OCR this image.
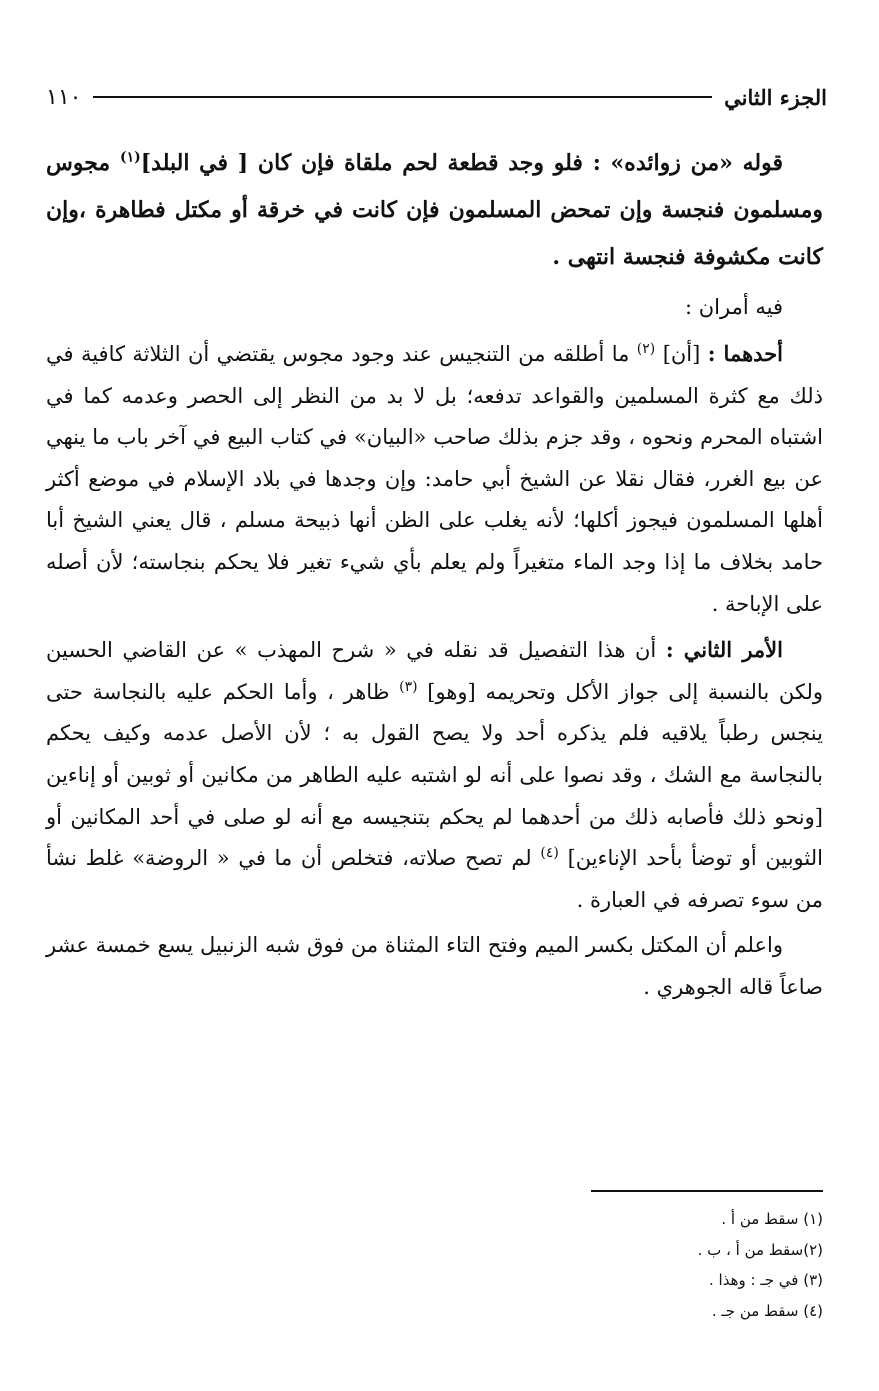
١١٠	الجزء الثاني

قوله «من زوائده» : فلو وجد قطعة لحم ملقاة فإن كان [ في البلد]$^{(١)}$ مجوس ومسلمون فنجسة وإن تمحض المسلمون فإن كانت في خرقة أو مكتل فطاهرة ،وإن كانت مكشوفة فنجسة انتهى .

فيه أمران :

أحدهما : [أن] $^{(٢)}$ ما أطلقه من التنجيس عند وجود مجوس يقتضي أن الثلاثة كافية في ذلك مع كثرة المسلمين والقواعد تدفعه؛ بل لا بد من النظر إلى الحصر وعدمه كما في اشتباه المحرم ونحوه ، وقد جزم بذلك صاحب «البيان» في كتاب البيع في آخر باب ما ينهي عن بيع الغرر، فقال نقلا عن الشيخ أبي حامد: وإن وجدها في بلاد الإسلام في موضع أكثر أهلها المسلمون فيجوز أكلها؛ لأنه يغلب على الظن أنها ذبيحة مسلم ، قال يعني الشيخ أبا حامد بخلاف ما إذا وجد الماء متغيراً ولم يعلم بأي شيء تغير فلا يحكم بنجاسته؛ لأن أصله على الإباحة .

الأمر الثاني : أن هذا التفصيل قد نقله في « شرح المهذب » عن القاضي الحسين ولكن بالنسبة إلى جواز الأكل وتحريمه [وهو] $^{(٣)}$ ظاهر ، وأما الحكم عليه بالنجاسة حتى ينجس رطباً يلاقيه فلم يذكره أحد ولا يصح القول به ؛ لأن الأصل عدمه وكيف يحكم بالنجاسة مع الشك ، وقد نصوا على أنه لو اشتبه عليه الطاهر من مكانين أو ثوبين أو إناءين [ونحو ذلك فأصابه ذلك من أحدهما لم يحكم بتنجيسه مع أنه لو صلى في أحد المكانين أو الثوبين أو توضأ بأحد الإناءين] $^{(٤)}$ لم تصح صلاته، فتخلص أن ما في « الروضة» غلط نشأ من سوء تصرفه في العبارة .

واعلم أن المكتل بكسر الميم وفتح التاء المثناة من فوق شبه الزنبيل يسع خمسة عشر صاعاً قاله الجوهري .

(١) سقط من أ .
(٢)سقط من أ ، ب .
(٣) في جـ : وهذا .
(٤) سقط من جـ .
